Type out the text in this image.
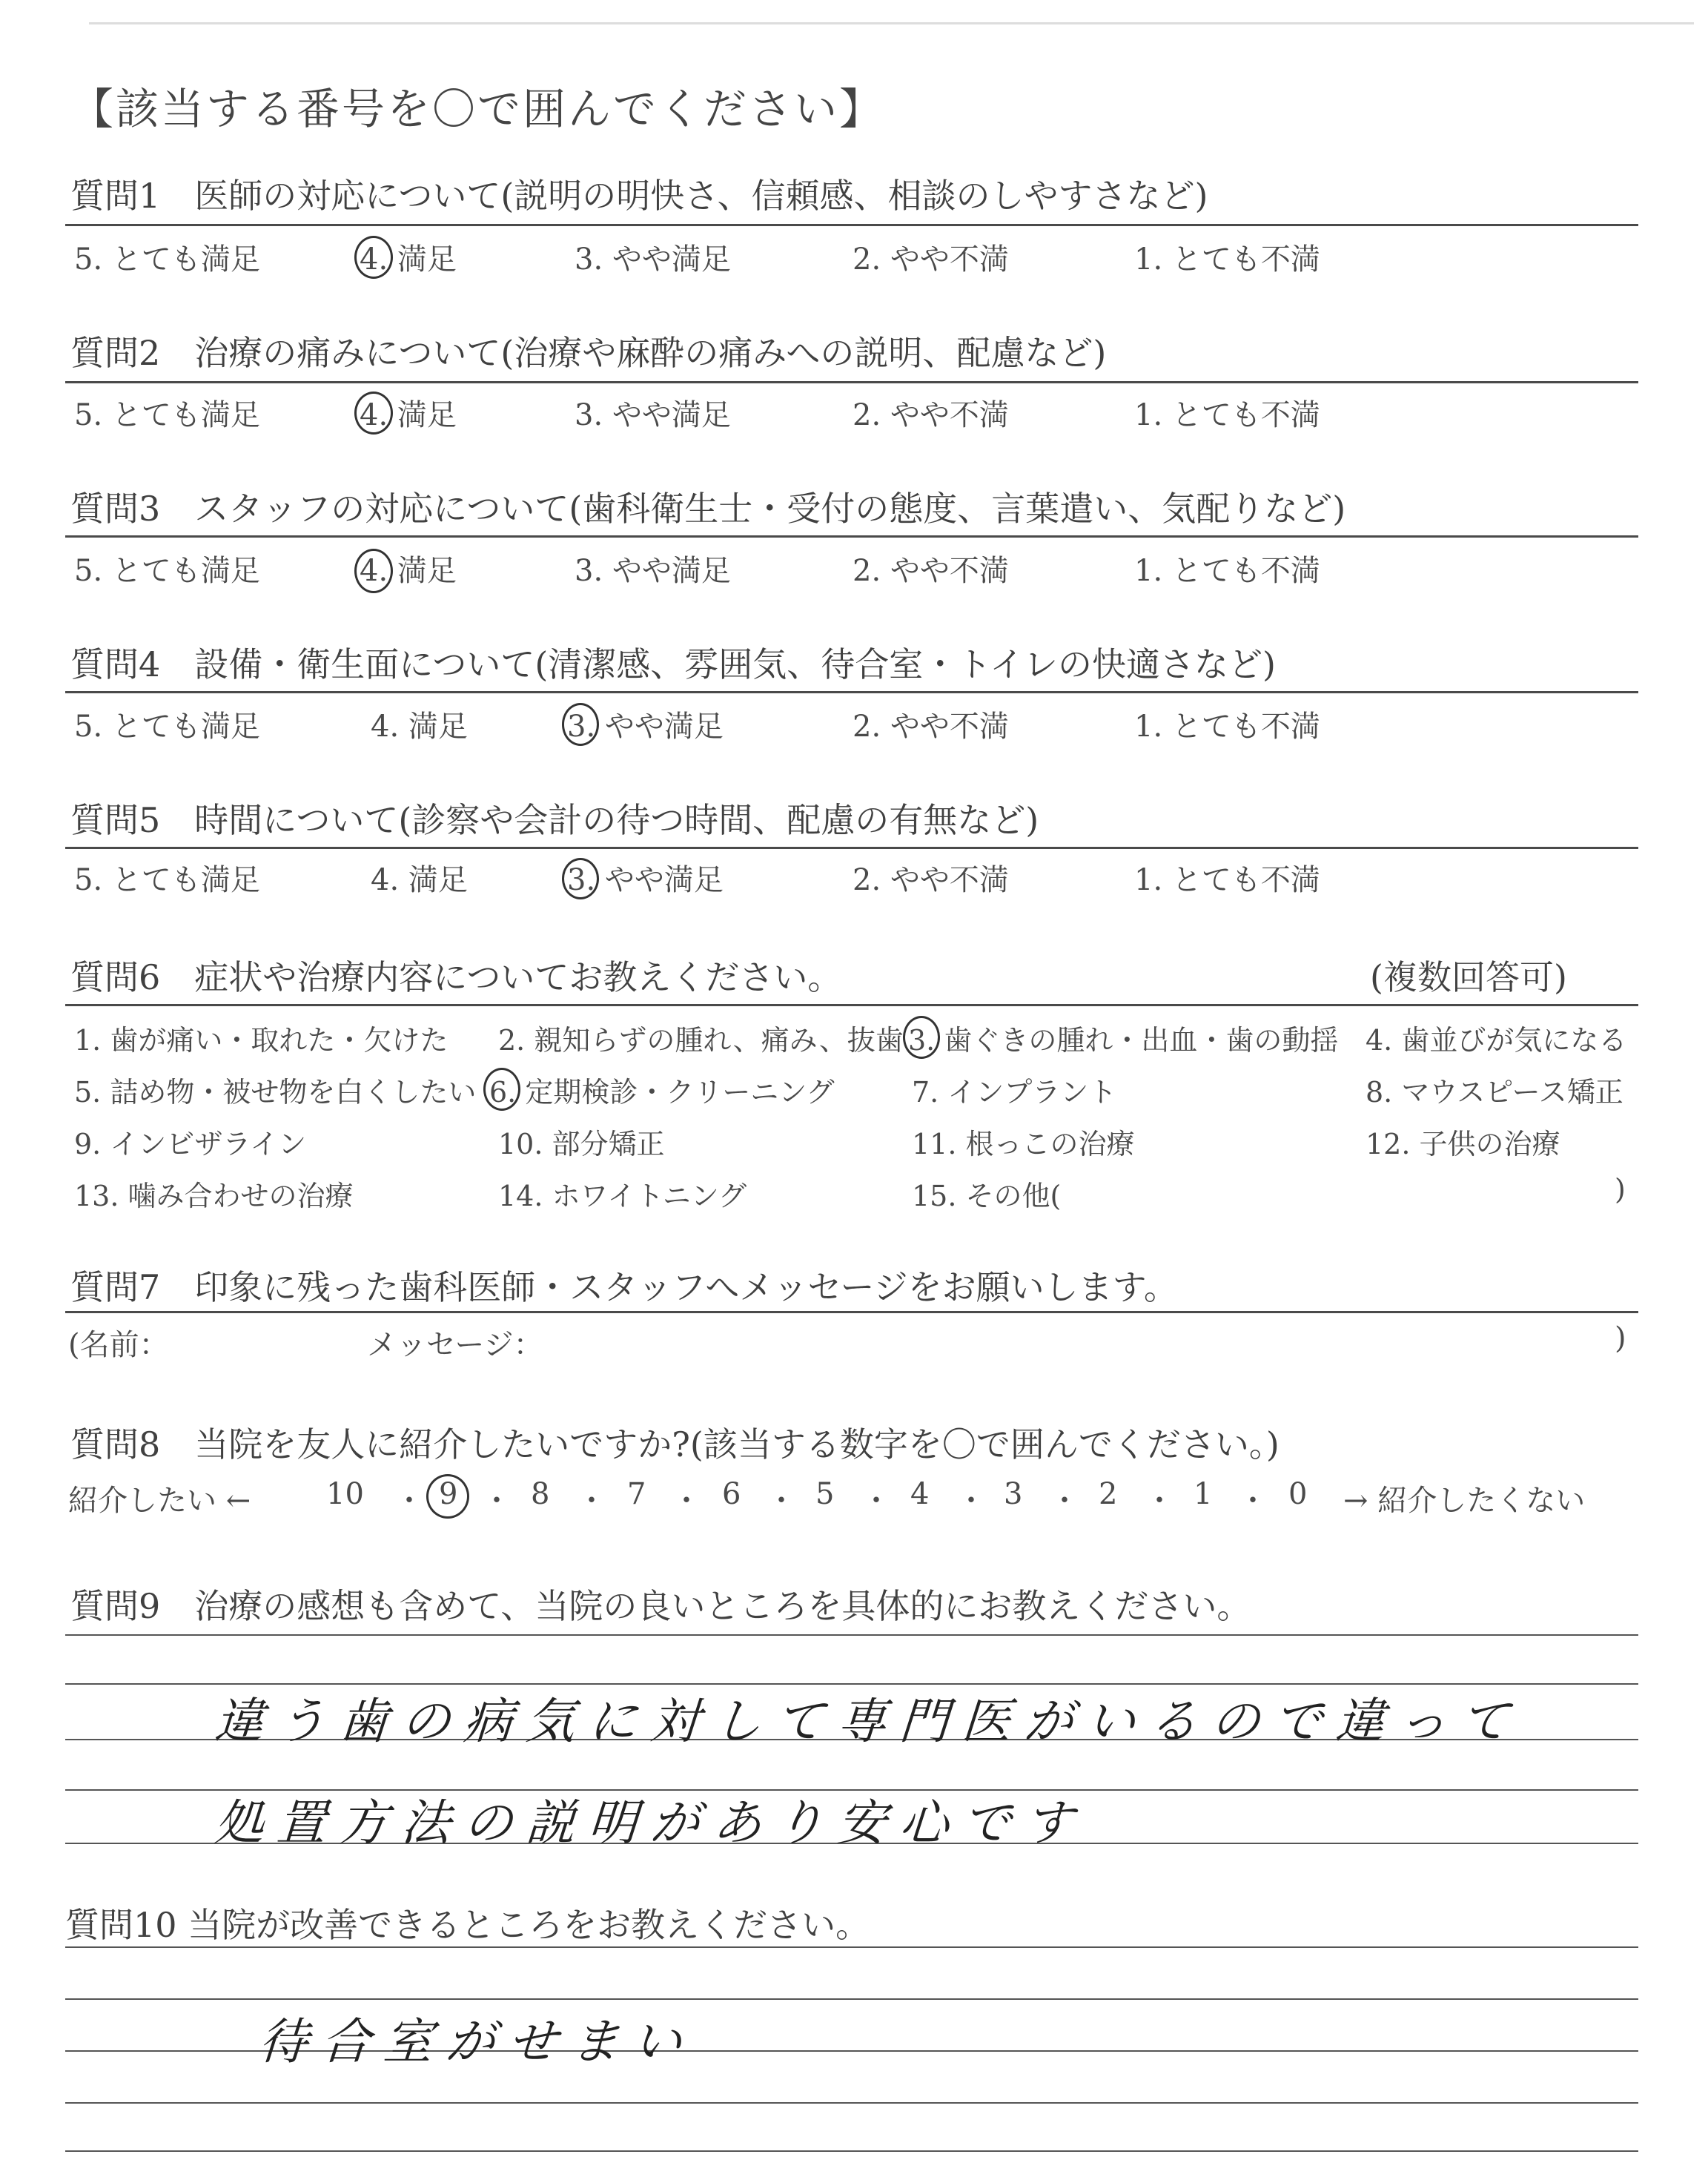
【該当する番号を〇で囲んでください】
質問1　医師の対応について(説明の明快さ、信頼感、相談のしやすさなど)
5. とても満足	4. 満足	3. やや満足	2. やや不満	1. とても不満
質問2　治療の痛みについて(治療や麻酔の痛みへの説明、配慮など)
5. とても満足	4. 満足	3. やや満足	2. やや不満	1. とても不満
質問3　スタッフの対応について(歯科衛生士・受付の態度、言葉遣い、気配りなど)
5. とても満足	4. 満足	3. やや満足	2. やや不満	1. とても不満
質問4　設備・衛生面について(清潔感、雰囲気、待合室・トイレの快適さなど)
5. とても満足	4. 満足	3. やや満足	2. やや不満	1. とても不満
質問5　時間について(診察や会計の待つ時間、配慮の有無など)
5. とても満足	4. 満足	3. やや満足	2. やや不満	1. とても不満
質問6　症状や治療内容についてお教えください。	(複数回答可)
1. 歯が痛い・取れた・欠けた 2. 親知らずの腫れ、痛み、抜歯 3. 歯ぐきの腫れ・出血・歯の動揺 4. 歯並びが気になる
5. 詰め物・被せ物を白くしたい 6. 定期検診・クリーニング	7. インプラント	8. マウスピース矯正
9. インビザライン	10. 部分矯正	11. 根っこの治療	12. 子供の治療
13. 噛み合わせの治療	14. ホワイトニング	15. その他(	)
質問7　印象に残った歯科医師・スタッフへメッセージをお願いします。
(名前：	メッセージ：	)
質問8　当院を友人に紹介したいですか?(該当する数字を〇で囲んでください。)
紹介したい ←	10 ・ 9 ・ 8 ・ 7 ・ 6 ・ 5 ・ 4 ・ 3 ・ 2 ・ 1 ・ 0 → 紹介したくない
質問9　治療の感想も含めて、当院の良いところを具体的にお教えください。
違う歯の病気に対して専門医がいるので違って
処置方法の説明があり安心です
質問10 当院が改善できるところをお教えください。
待合室がせまい
